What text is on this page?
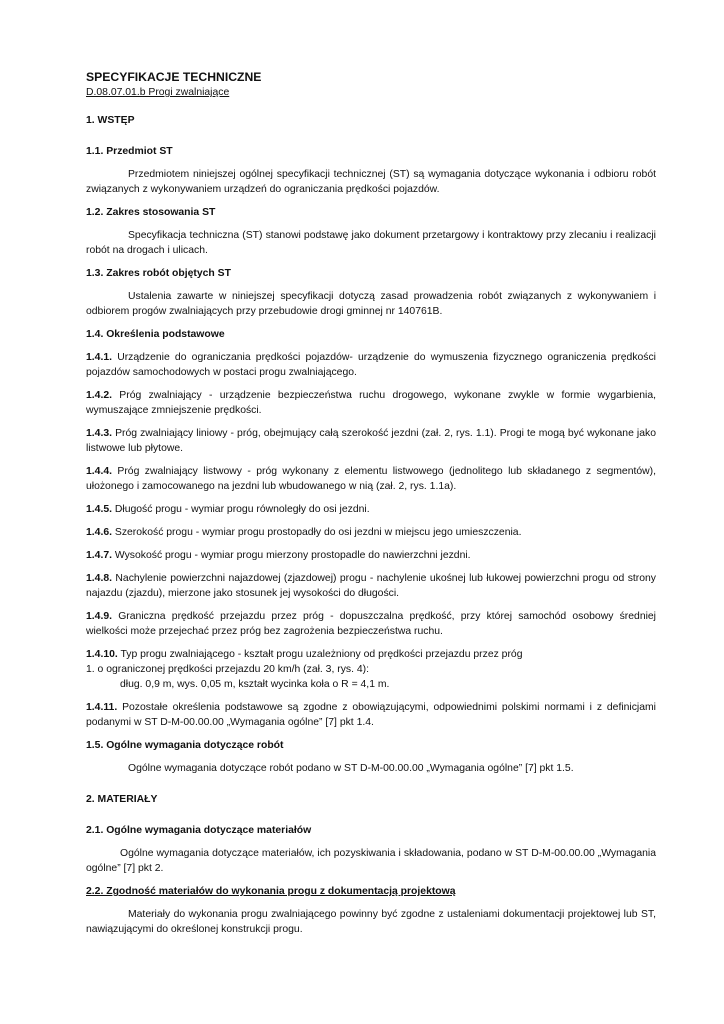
SPECYFIKACJE TECHNICZNE
D.08.07.01.b Progi zwalniające
1. WSTĘP
1.1. Przedmiot ST

Przedmiotem niniejszej ogólnej specyfikacji technicznej (ST) są wymagania dotyczące wykonania i odbioru robót związanych z wykonywaniem urządzeń do ograniczania prędkości pojazdów.

1.2. Zakres stosowania ST

Specyfikacja techniczna (ST) stanowi podstawę jako dokument przetargowy i kontraktowy przy zlecaniu i realizacji robót na drogach i ulicach.

1.3. Zakres robót objętych ST

Ustalenia zawarte w niniejszej specyfikacji dotyczą zasad prowadzenia robót związanych z wykonywaniem i odbiorem progów zwalniających przy przebudowie drogi gminnej nr 140761B.

1.4. Określenia podstawowe

1.4.1. Urządzenie do ograniczania prędkości pojazdów- urządzenie do wymuszenia fizycznego ograniczenia prędkości pojazdów samochodowych w postaci progu zwalniającego.

1.4.2. Próg zwalniający - urządzenie bezpieczeństwa ruchu drogowego, wykonane zwykle w formie wygarbienia, wymuszające zmniejszenie prędkości.

1.4.3. Próg zwalniający liniowy - próg, obejmujący całą szerokość jezdni (zał. 2, rys. 1.1). Progi te mogą być wykonane jako listwowe lub płytowe.

1.4.4. Próg zwalniający listwowy - próg wykonany z elementu listwowego (jednolitego lub składanego z segmentów), ułożonego i zamocowanego na jezdni lub wbudowanego w nią (zał. 2, rys. 1.1a).

1.4.5. Długość progu - wymiar progu równoległy do osi jezdni.

1.4.6. Szerokość progu - wymiar progu prostopadły do osi jezdni w miejscu jego umieszczenia.

1.4.7. Wysokość progu - wymiar progu mierzony prostopadle do nawierzchni jezdni.

1.4.8. Nachylenie powierzchni najazdowej (zjazdowej) progu - nachylenie ukośnej lub łukowej powierzchni progu od strony najazdu (zjazdu), mierzone jako stosunek jej wysokości do długości.

1.4.9. Graniczna prędkość przejazdu przez próg - dopuszczalna prędkość, przy której samochód osobowy średniej wielkości może przejechać przez próg bez zagrożenia bezpieczeństwa ruchu.

1.4.10. Typ progu zwalniającego - kształt progu uzależniony od prędkości przejazdu przez próg
1. o ograniczonej prędkości przejazdu 20 km/h (zał. 3, rys. 4):
dług. 0,9 m, wys. 0,05 m, kształt wycinka koła o R = 4,1 m.

1.4.11. Pozostałe określenia podstawowe są zgodne z obowiązującymi, odpowiednimi polskimi normami i z definicjami podanymi w ST D-M-00.00.00 „Wymagania ogólne” [7] pkt 1.4.

1.5. Ogólne wymagania dotyczące robót

Ogólne wymagania dotyczące robót podano w ST D-M-00.00.00 „Wymagania ogólne” [7] pkt 1.5.

2. MATERIAŁY
2.1. Ogólne wymagania dotyczące materiałów

Ogólne wymagania dotyczące materiałów, ich pozyskiwania i składowania, podano w ST D-M-00.00.00 „Wymagania ogólne” [7] pkt 2.

2.2. Zgodność materiałów do wykonania progu z dokumentacją projektową

Materiały do wykonania progu zwalniającego powinny być zgodne z ustaleniami dokumentacji projektowej lub ST, nawiązującymi do określonej konstrukcji progu.
